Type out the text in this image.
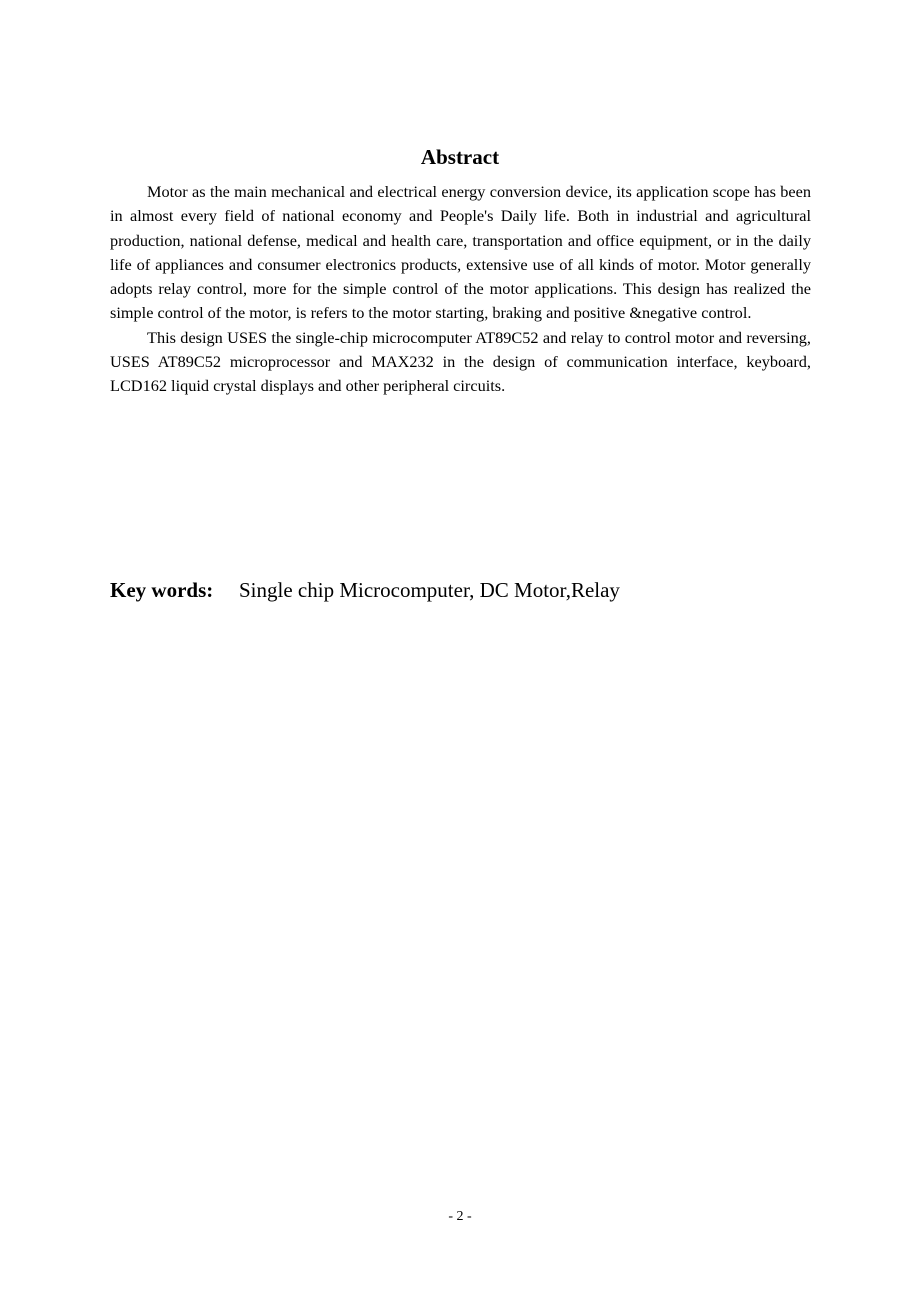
Abstract

Motor as the main mechanical and electrical energy conversion device, its application scope has been in almost every field of national economy and People's Daily life. Both in industrial and agricultural production, national defense, medical and health care, transportation and office equipment, or in the daily life of appliances and consumer electronics products, extensive use of all kinds of motor. Motor generally adopts relay control, more for the simple control of the motor applications. This design has realized the simple control of the motor, is refers to the motor starting, braking and positive &negative control.

This design USES the single-chip microcomputer AT89C52 and relay to control motor and reversing, USES AT89C52 microprocessor and MAX232 in the design of communication interface, keyboard, LCD162 liquid crystal displays and other peripheral circuits.

Key words: Single chip Microcomputer, DC Motor,Relay
- 2 -
